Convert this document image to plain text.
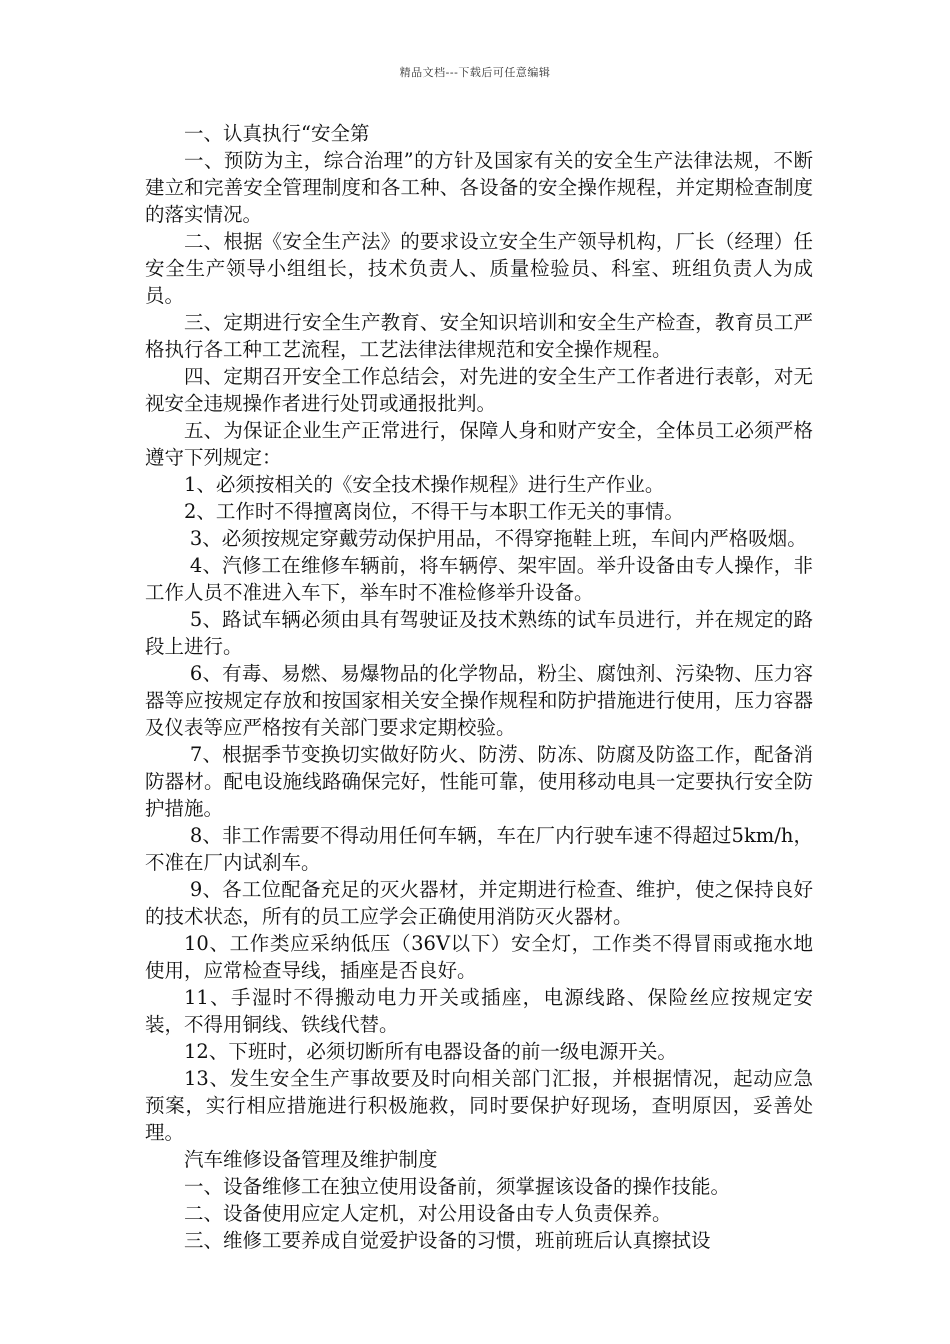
精品文档---下载后可任意编辑

一、认真执行“安全第

一、预防为主，综合治理”的方针及国家有关的安全生产法律法规，不断建立和完善安全管理制度和各工种、各设备的安全操作规程，并定期检查制度的落实情况。

二、根据《安全生产法》的要求设立安全生产领导机构，厂长（经理）任安全生产领导小组组长，技术负责人、质量检验员、科室、班组负责人为成员。

三、定期进行安全生产教育、安全知识培训和安全生产检查，教育员工严格执行各工种工艺流程，工艺法律法律规范和安全操作规程。

四、定期召开安全工作总结会，对先进的安全生产工作者进行表彰，对无视安全违规操作者进行处罚或通报批判。

五、为保证企业生产正常进行，保障人身和财产安全，全体员工必须严格遵守下列规定：

1、必须按相关的《安全技术操作规程》进行生产作业。

2、工作时不得擅离岗位，不得干与本职工作无关的事情。

3、必须按规定穿戴劳动保护用品，不得穿拖鞋上班，车间内严格吸烟。

4、汽修工在维修车辆前，将车辆停、架牢固。举升设备由专人操作，非工作人员不准进入车下，举车时不准检修举升设备。

5、路试车辆必须由具有驾驶证及技术熟练的试车员进行，并在规定的路段上进行。

6、有毒、易燃、易爆物品的化学物品，粉尘、腐蚀剂、污染物、压力容器等应按规定存放和按国家相关安全操作规程和防护措施进行使用，压力容器及仪表等应严格按有关部门要求定期校验。

7、根据季节变换切实做好防火、防涝、防冻、防腐及防盗工作，配备消防器材。配电设施线路确保完好，性能可靠，使用移动电具一定要执行安全防护措施。

8、非工作需要不得动用任何车辆，车在厂内行驶车速不得超过5km/h，不准在厂内试刹车。

9、各工位配备充足的灭火器材，并定期进行检查、维护，使之保持良好的技术状态，所有的员工应学会正确使用消防灭火器材。

10、工作类应采纳低压（36V以下）安全灯，工作类不得冒雨或拖水地使用，应常检查导线，插座是否良好。

11、手湿时不得搬动电力开关或插座，电源线路、保险丝应按规定安装，不得用铜线、铁线代替。

12、下班时，必须切断所有电器设备的前一级电源开关。

13、发生安全生产事故要及时向相关部门汇报，并根据情况，起动应急预案，实行相应措施进行积极施救，同时要保护好现场，查明原因，妥善处理。

汽车维修设备管理及维护制度

一、设备维修工在独立使用设备前，须掌握该设备的操作技能。

二、设备使用应定人定机，对公用设备由专人负责保养。

三、维修工要养成自觉爱护设备的习惯，班前班后认真擦拭设
